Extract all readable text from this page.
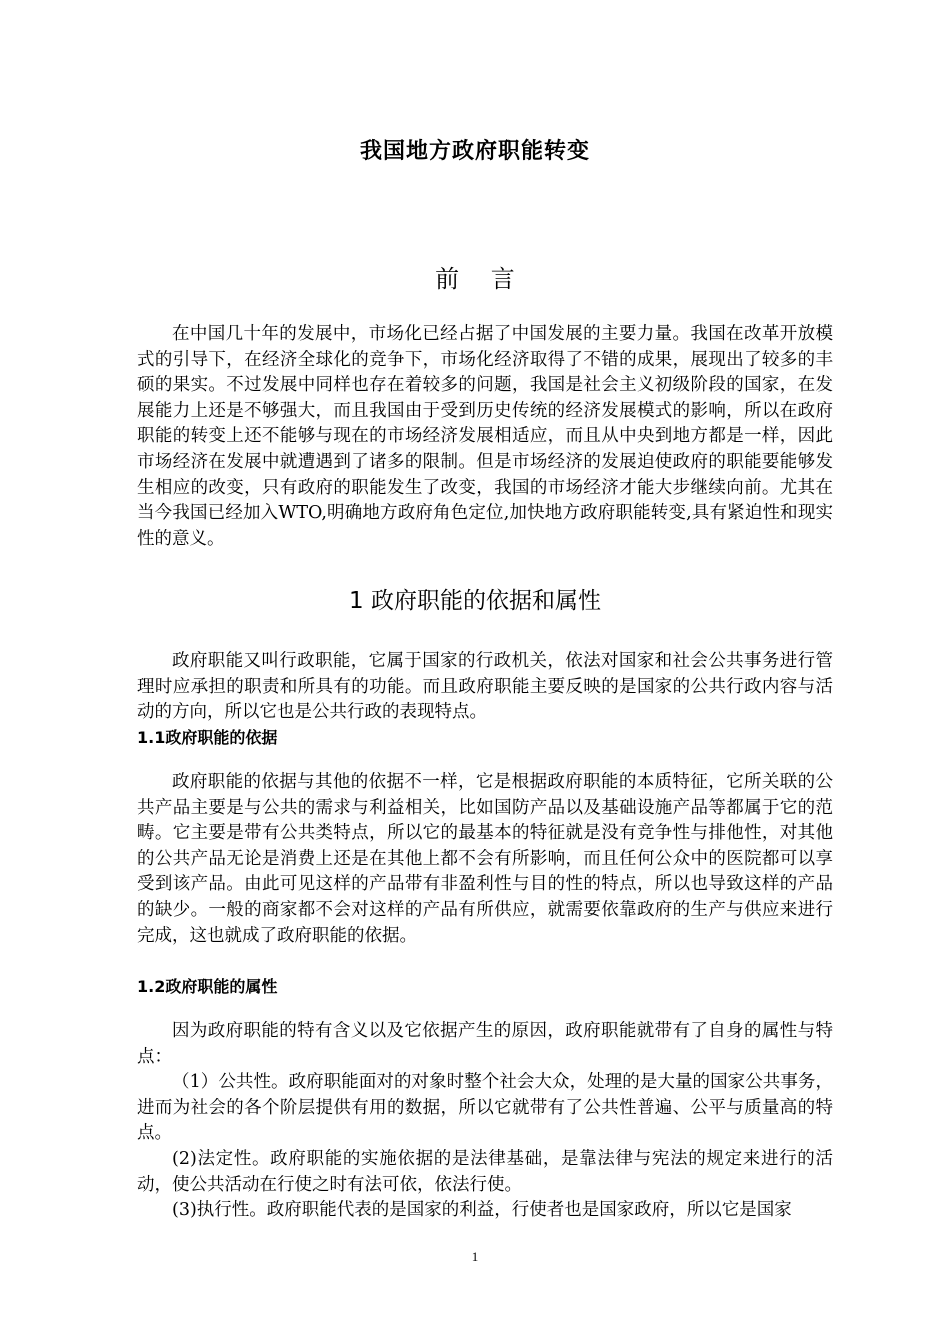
我国地方政府职能转变
前 言

在中国几十年的发展中，市场化已经占据了中国发展的主要力量。我国在改革开放模式的引导下，在经济全球化的竞争下，市场化经济取得了不错的成果，展现出了较多的丰硕的果实。不过发展中同样也存在着较多的问题，我国是社会主义初级阶段的国家，在发展能力上还是不够强大，而且我国由于受到历史传统的经济发展模式的影响，所以在政府职能的转变上还不能够与现在的市场经济发展相适应，而且从中央到地方都是一样，因此市场经济在发展中就遭遇到了诸多的限制。但是市场经济的发展迫使政府的职能要能够发生相应的改变，只有政府的职能发生了改变，我国的市场经济才能大步继续向前。尤其在当今我国已经加入WTO,明确地方政府角色定位,加快地方政府职能转变,具有紧迫性和现实性的意义。

1 政府职能的依据和属性

政府职能又叫行政职能，它属于国家的行政机关，依法对国家和社会公共事务进行管理时应承担的职责和所具有的功能。而且政府职能主要反映的是国家的公共行政内容与活动的方向，所以它也是公共行政的表现特点。

1.1政府职能的依据

政府职能的依据与其他的依据不一样，它是根据政府职能的本质特征，它所关联的公共产品主要是与公共的需求与利益相关，比如国防产品以及基础设施产品等都属于它的范畴。它主要是带有公共类特点，所以它的最基本的特征就是没有竞争性与排他性，对其他的公共产品无论是消费上还是在其他上都不会有所影响，而且任何公众中的医院都可以享受到该产品。由此可见这样的产品带有非盈利性与目的性的特点，所以也导致这样的产品的缺少。一般的商家都不会对这样的产品有所供应，就需要依靠政府的生产与供应来进行完成，这也就成了政府职能的依据。

1.2政府职能的属性

因为政府职能的特有含义以及它依据产生的原因，政府职能就带有了自身的属性与特点：

（1）公共性。政府职能面对的对象时整个社会大众，处理的是大量的国家公共事务，进而为社会的各个阶层提供有用的数据，所以它就带有了公共性普遍、公平与质量高的特点。

(2)法定性。政府职能的实施依据的是法律基础，是靠法律与宪法的规定来进行的活动，使公共活动在行使之时有法可依，依法行使。

(3)执行性。政府职能代表的是国家的利益，行使者也是国家政府，所以它是国家

1
